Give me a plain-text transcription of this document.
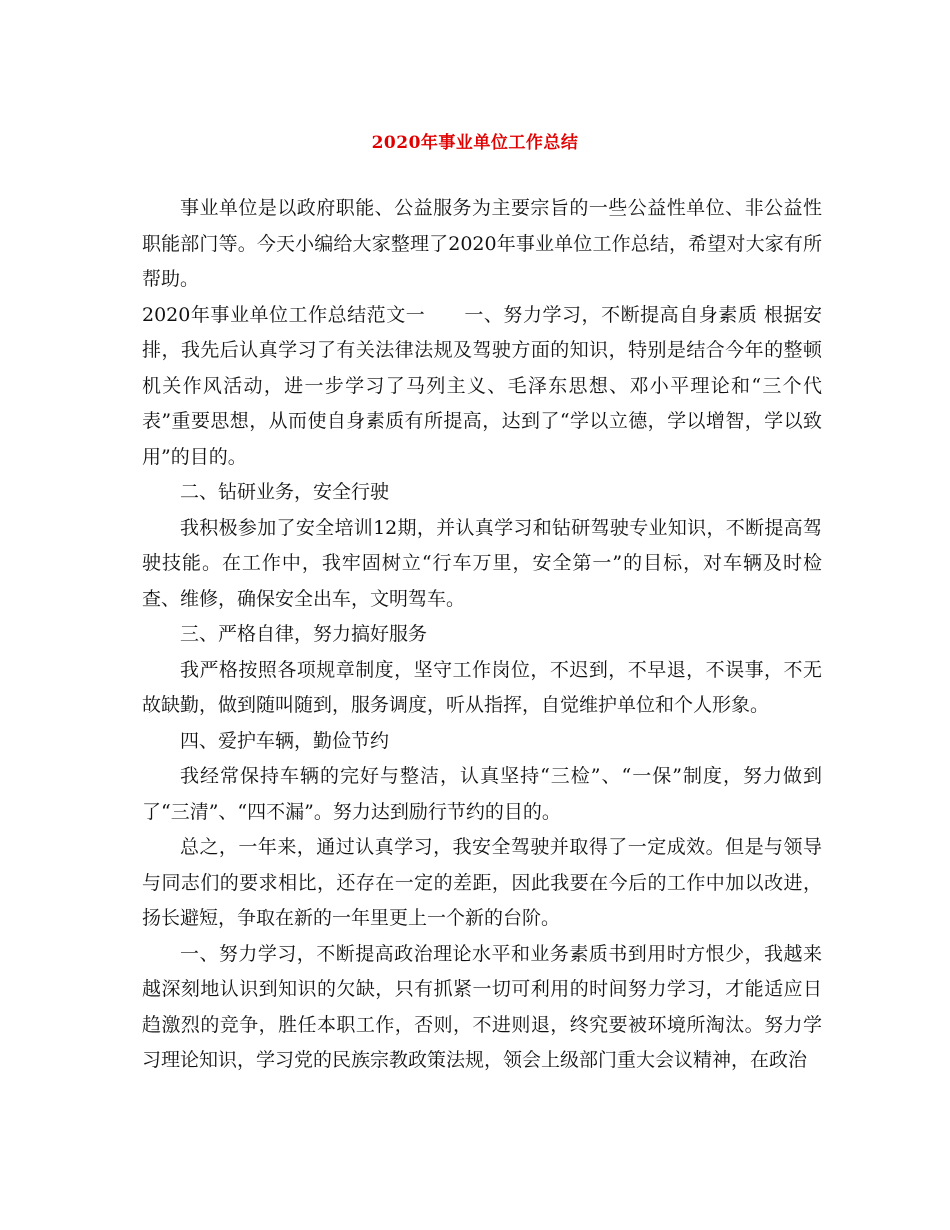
2020年事业单位工作总结

事业单位是以政府职能、公益服务为主要宗旨的一些公益性单位、非公益性职能部门等。今天小编给大家整理了2020年事业单位工作总结，希望对大家有所帮助。

2020年事业单位工作总结范文一　　一、努力学习，不断提高自身素质 根据安排，我先后认真学习了有关法律法规及驾驶方面的知识，特别是结合今年的整顿机关作风活动，进一步学习了马列主义、毛泽东思想、邓小平理论和“三个代表”重要思想，从而使自身素质有所提高，达到了“学以立德，学以增智，学以致用”的目的。

二、钻研业务，安全行驶

我积极参加了安全培训12期，并认真学习和钻研驾驶专业知识，不断提高驾驶技能。在工作中，我牢固树立“行车万里，安全第一”的目标，对车辆及时检查、维修，确保安全出车，文明驾车。

三、严格自律，努力搞好服务

我严格按照各项规章制度，坚守工作岗位，不迟到，不早退，不误事，不无故缺勤，做到随叫随到，服务调度，听从指挥，自觉维护单位和个人形象。

四、爱护车辆，勤俭节约

我经常保持车辆的完好与整洁，认真坚持“三检”、“一保”制度，努力做到了“三清”、“四不漏”。努力达到励行节约的目的。

总之，一年来，通过认真学习，我安全驾驶并取得了一定成效。但是与领导与同志们的要求相比，还存在一定的差距，因此我要在今后的工作中加以改进，扬长避短，争取在新的一年里更上一个新的台阶。

一、努力学习，不断提高政治理论水平和业务素质书到用时方恨少，我越来越深刻地认识到知识的欠缺，只有抓紧一切可利用的时间努力学习，才能适应日趋激烈的竞争，胜任本职工作，否则，不进则退，终究要被环境所淘汰。努力学习理论知识，学习党的民族宗教政策法规，领会上级部门重大会议精神，在政治
